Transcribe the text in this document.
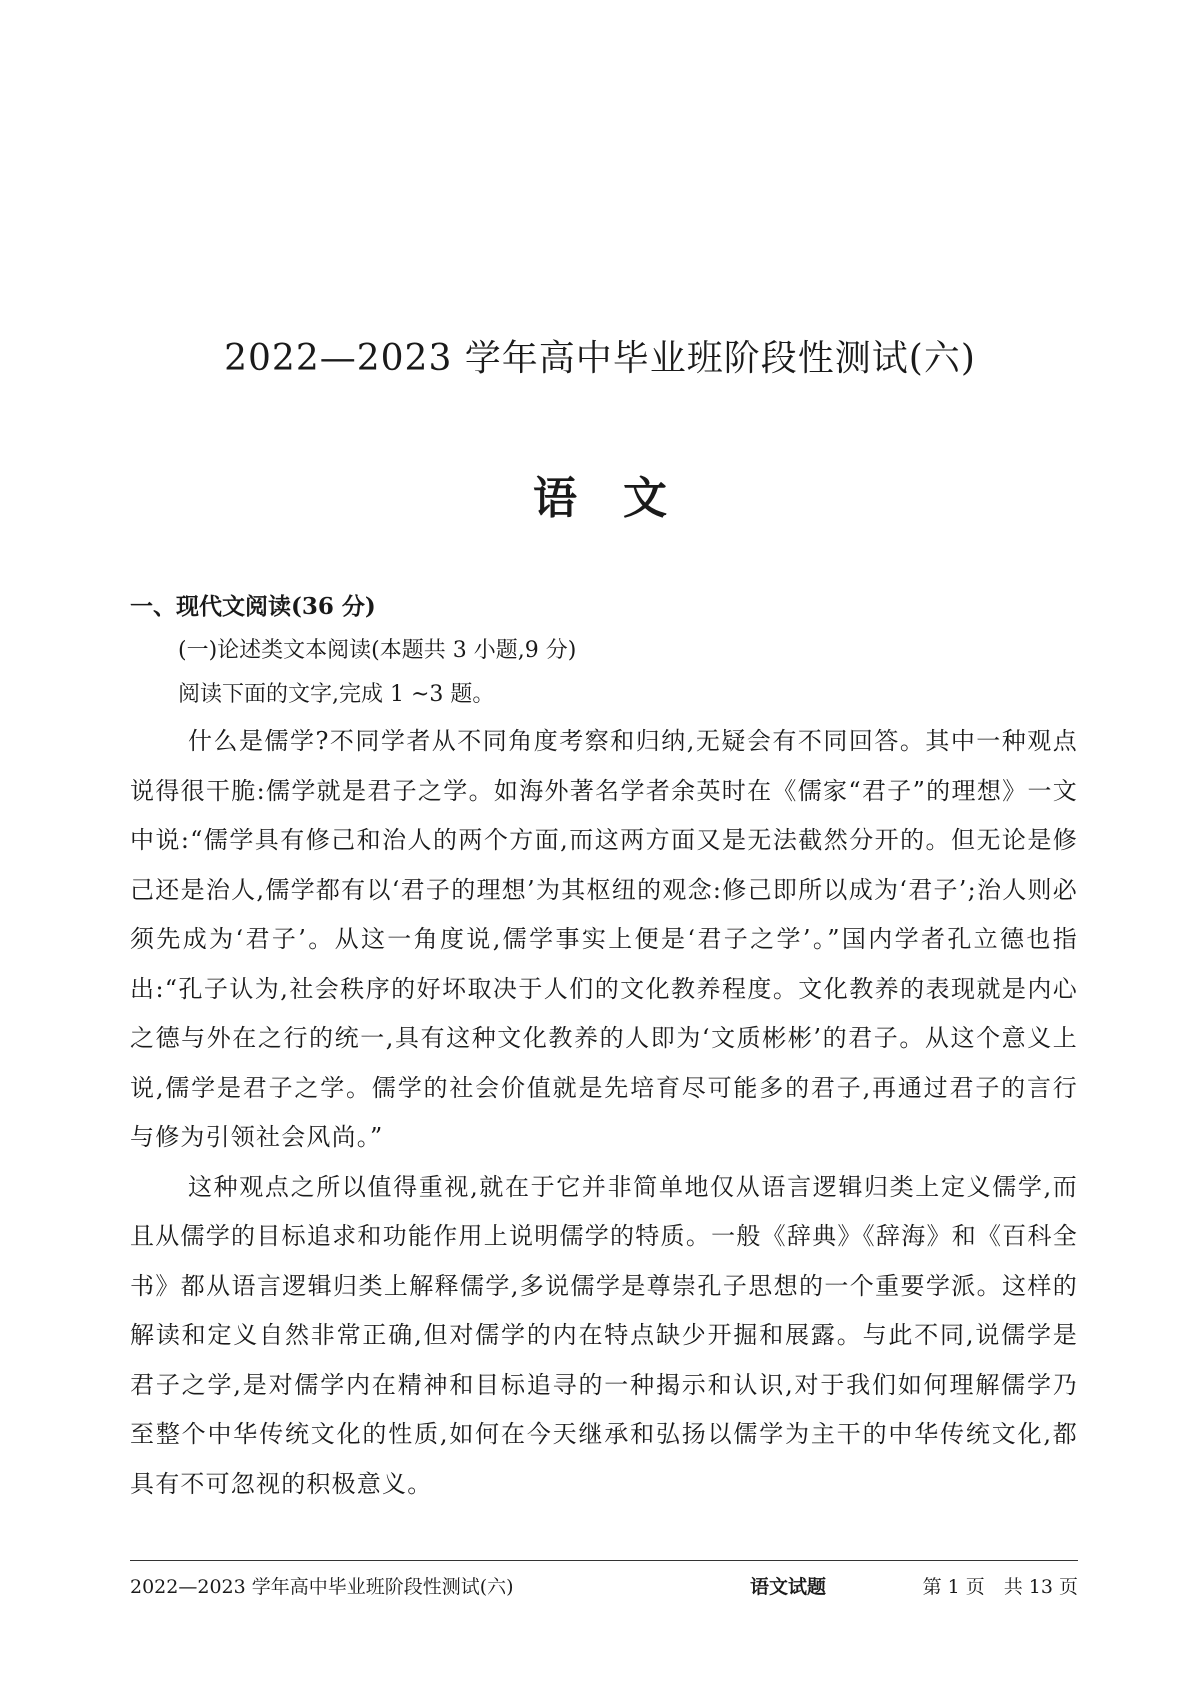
2022—2023 学年高中毕业班阶段性测试(六)
语文

一、现代文阅读(36 分)

(一)论述类文本阅读(本题共 3 小题,9 分)

阅读下面的文字,完成 1 ~3 题。

什么是儒学?不同学者从不同角度考察和归纳,无疑会有不同回答。其中一种观点说得很干脆:儒学就是君子之学。如海外著名学者余英时在《儒家“君子”的理想》一文中说:“儒学具有修己和治人的两个方面,而这两方面又是无法截然分开的。但无论是修己还是治人,儒学都有以‘君子的理想’为其枢纽的观念:修己即所以成为‘君子’;治人则必须先成为‘君子’。从这一角度说,儒学事实上便是‘君子之学’。”国内学者孔立德也指出:“孔子认为,社会秩序的好坏取决于人们的文化教养程度。文化教养的表现就是内心之德与外在之行的统一,具有这种文化教养的人即为‘文质彬彬’的君子。从这个意义上说,儒学是君子之学。儒学的社会价值就是先培育尽可能多的君子,再通过君子的言行与修为引领社会风尚。”

这种观点之所以值得重视,就在于它并非简单地仅从语言逻辑归类上定义儒学,而且从儒学的目标追求和功能作用上说明儒学的特质。一般《辞典》《辞海》和《百科全书》都从语言逻辑归类上解释儒学,多说儒学是尊崇孔子思想的一个重要学派。这样的解读和定义自然非常正确,但对儒学的内在特点缺少开掘和展露。与此不同,说儒学是君子之学,是对儒学内在精神和目标追寻的一种揭示和认识,对于我们如何理解儒学乃至整个中华传统文化的性质,如何在今天继承和弘扬以儒学为主干的中华传统文化,都具有不可忽视的积极意义。

2022—2023 学年高中毕业班阶段性测试(六)	语文试题	第 1 页　共 13 页
